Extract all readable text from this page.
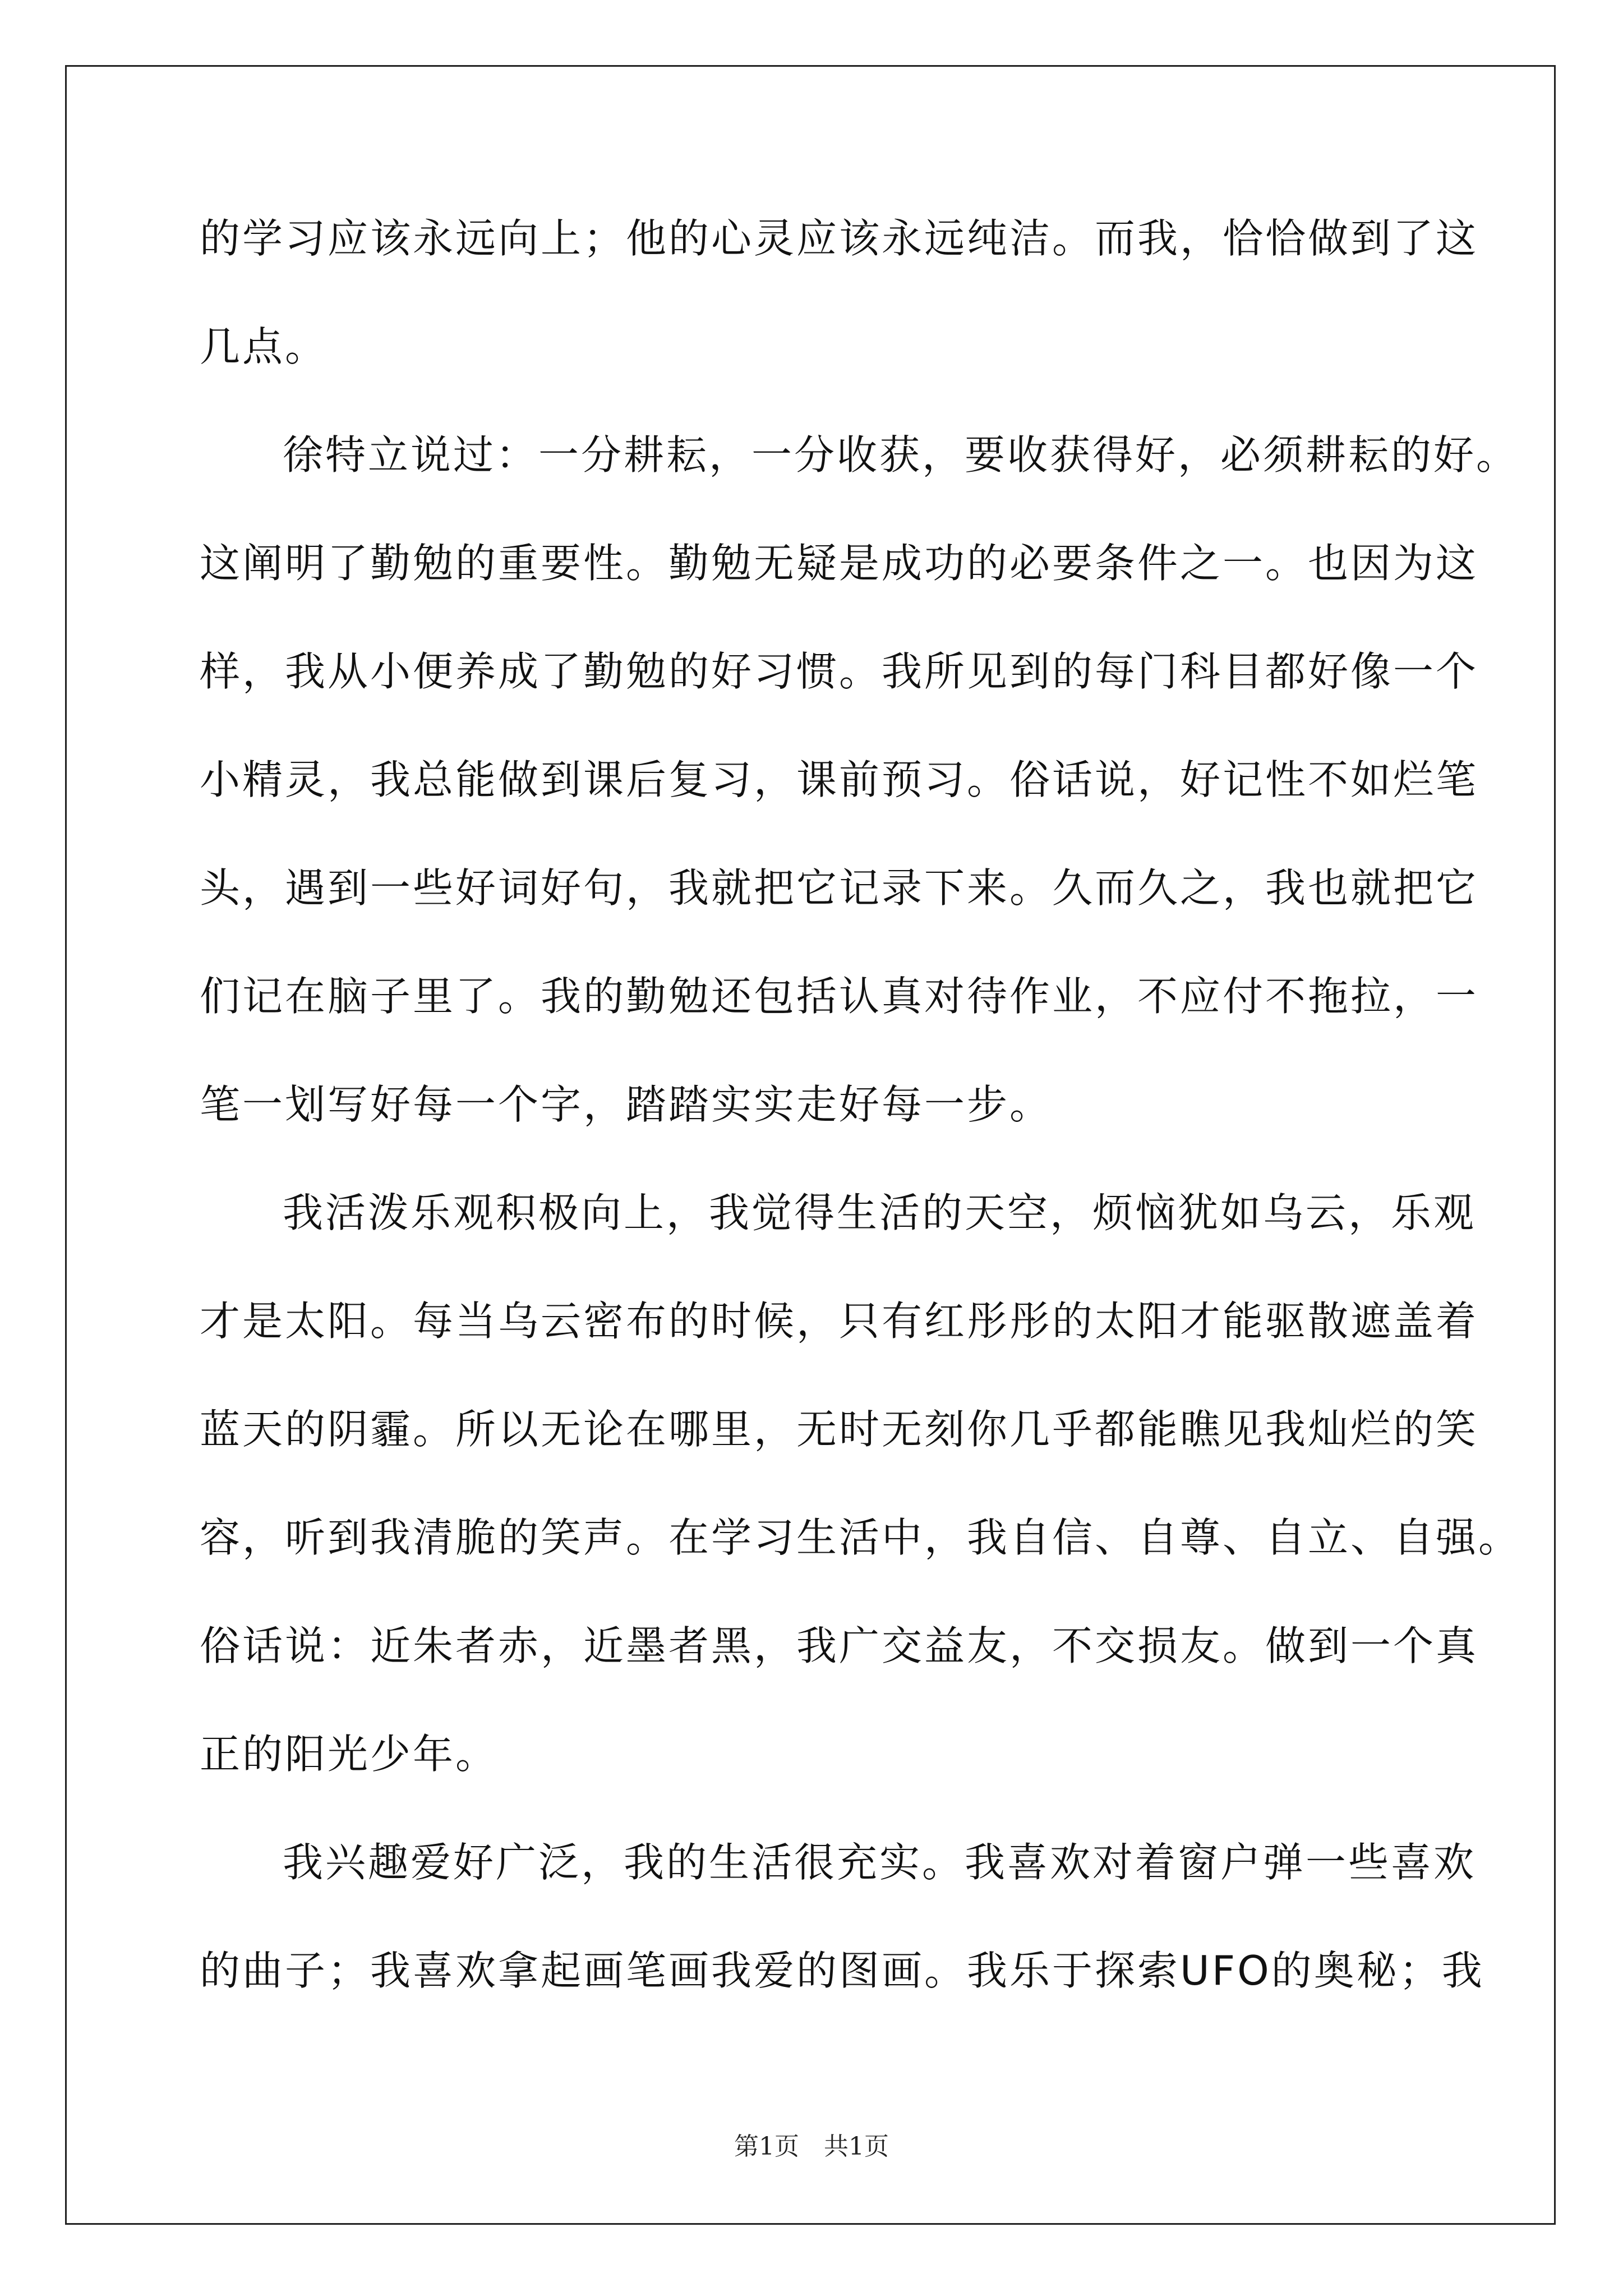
的学习应该永远向上；他的心灵应该永远纯洁。而我，恰恰做到了这
几点。
徐特立说过：一分耕耘，一分收获，要收获得好，必须耕耘的好。
这阐明了勤勉的重要性。勤勉无疑是成功的必要条件之一。也因为这
样，我从小便养成了勤勉的好习惯。我所见到的每门科目都好像一个
小精灵，我总能做到课后复习，课前预习。俗话说，好记性不如烂笔
头，遇到一些好词好句，我就把它记录下来。久而久之，我也就把它
们记在脑子里了。我的勤勉还包括认真对待作业，不应付不拖拉，一
笔一划写好每一个字，踏踏实实走好每一步。
我活泼乐观积极向上，我觉得生活的天空，烦恼犹如乌云，乐观
才是太阳。每当乌云密布的时候，只有红彤彤的太阳才能驱散遮盖着
蓝天的阴霾。所以无论在哪里，无时无刻你几乎都能瞧见我灿烂的笑
容，听到我清脆的笑声。在学习生活中，我自信、自尊、自立、自强。
俗话说：近朱者赤，近墨者黑，我广交益友，不交损友。做到一个真
正的阳光少年。
我兴趣爱好广泛，我的生活很充实。我喜欢对着窗户弹一些喜欢
的曲子；我喜欢拿起画笔画我爱的图画。我乐于探索UFO的奥秘；我
第1页　共1页
